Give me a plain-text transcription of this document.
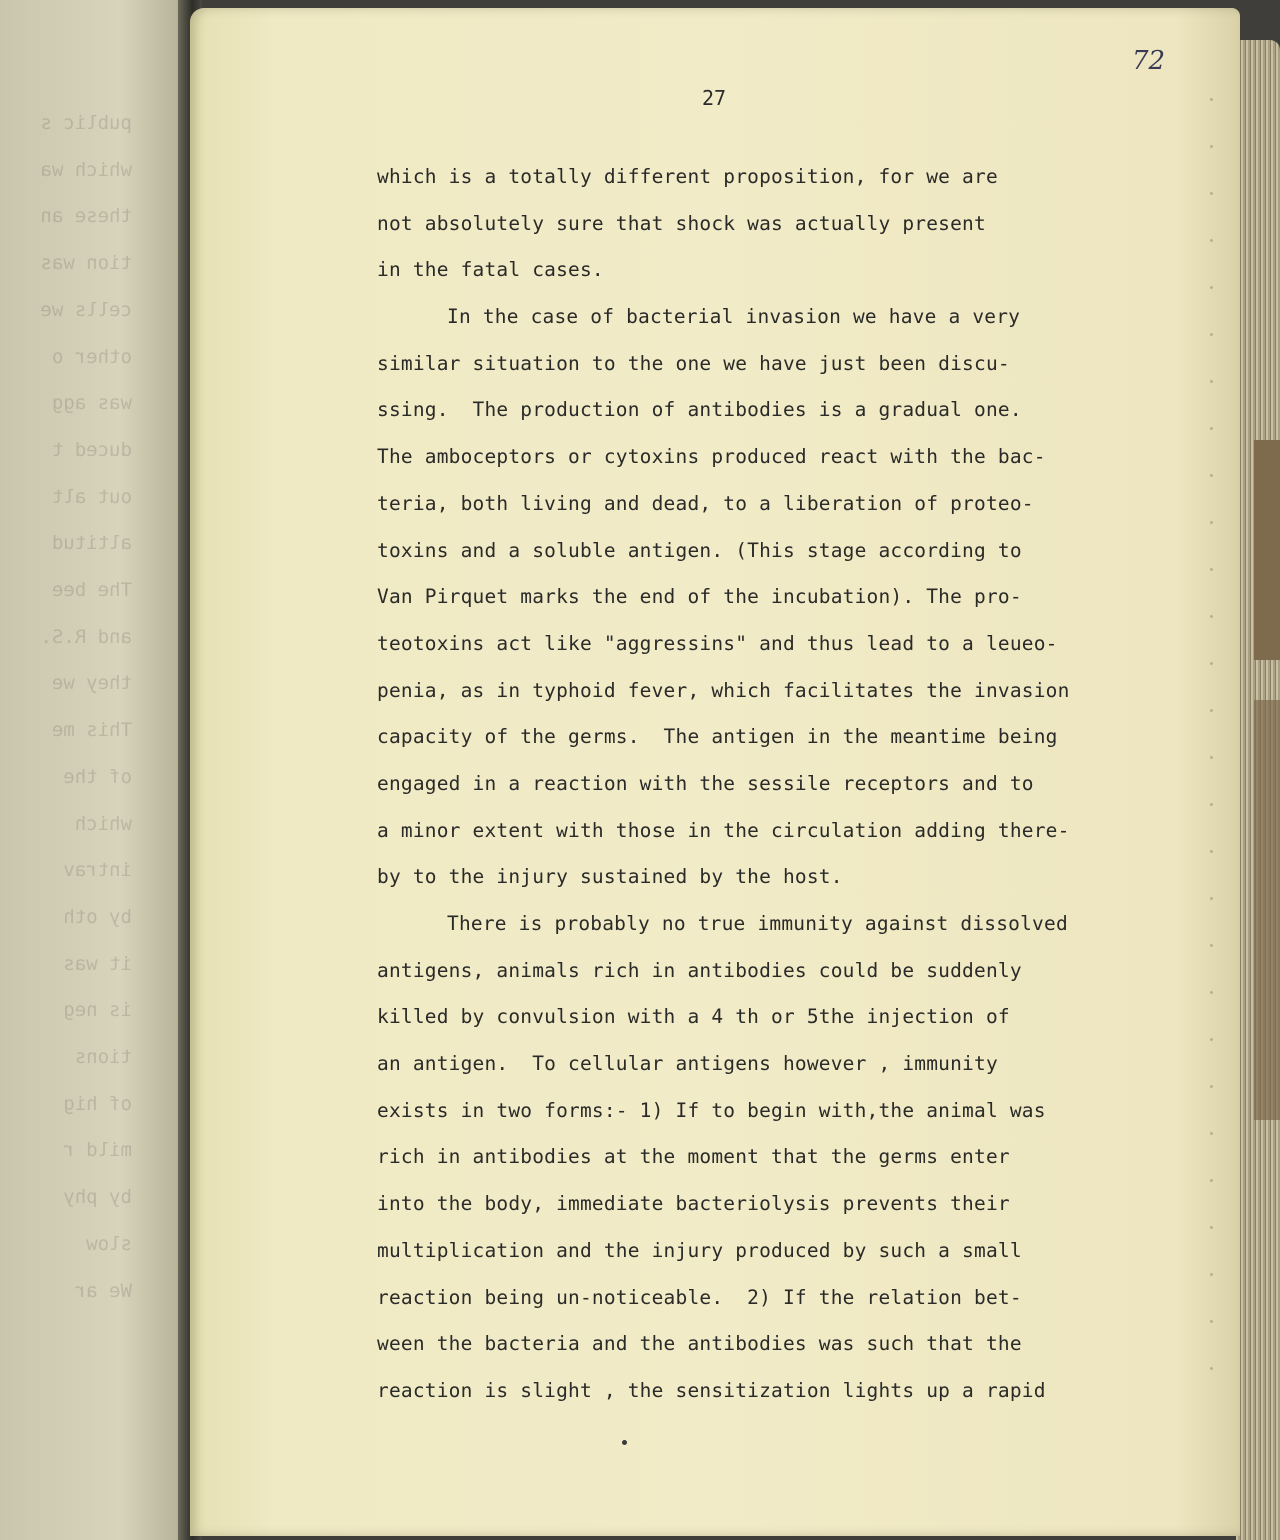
public s
which wa
these an
tion was
cells we
other o
was agg
duced t
out alt
altitud
The bee
and R.S.
they we
This me
of the
which
intrav
by oth
it was
is neg
tions
of hig
mild r
by phy
slow
We ar
72
27
which is a totally different proposition, for we are
not absolutely sure that shock was actually present
in the fatal cases.
In the case of bacterial invasion we have a very
similar situation to the one we have just been discu-
ssing.  The production of antibodies is a gradual one.
The amboceptors or cytoxins produced react with the bac-
teria, both living and dead, to a liberation of proteo-
toxins and a soluble antigen. (This stage according to
Van Pirquet marks the end of the incubation). The pro-
teotoxins act like "aggressins" and thus lead to a leueo-
penia, as in typhoid fever, which facilitates the invasion
capacity of the germs.  The antigen in the meantime being
engaged in a reaction with the sessile receptors and to
a minor extent with those in the circulation adding there-
by to the injury sustained by the host.
There is probably no true immunity against dissolved
antigens, animals rich in antibodies could be suddenly
killed by convulsion with a 4 th or 5the injection of
an antigen.  To cellular antigens however , immunity
exists in two forms:- 1) If to begin with,the animal was
rich in antibodies at the moment that the germs enter
into the body, immediate bacteriolysis prevents their
multiplication and the injury produced by such a small
reaction being un-noticeable.  2) If the relation bet-
ween the bacteria and the antibodies was such that the
reaction is slight , the sensitization lights up a rapid
